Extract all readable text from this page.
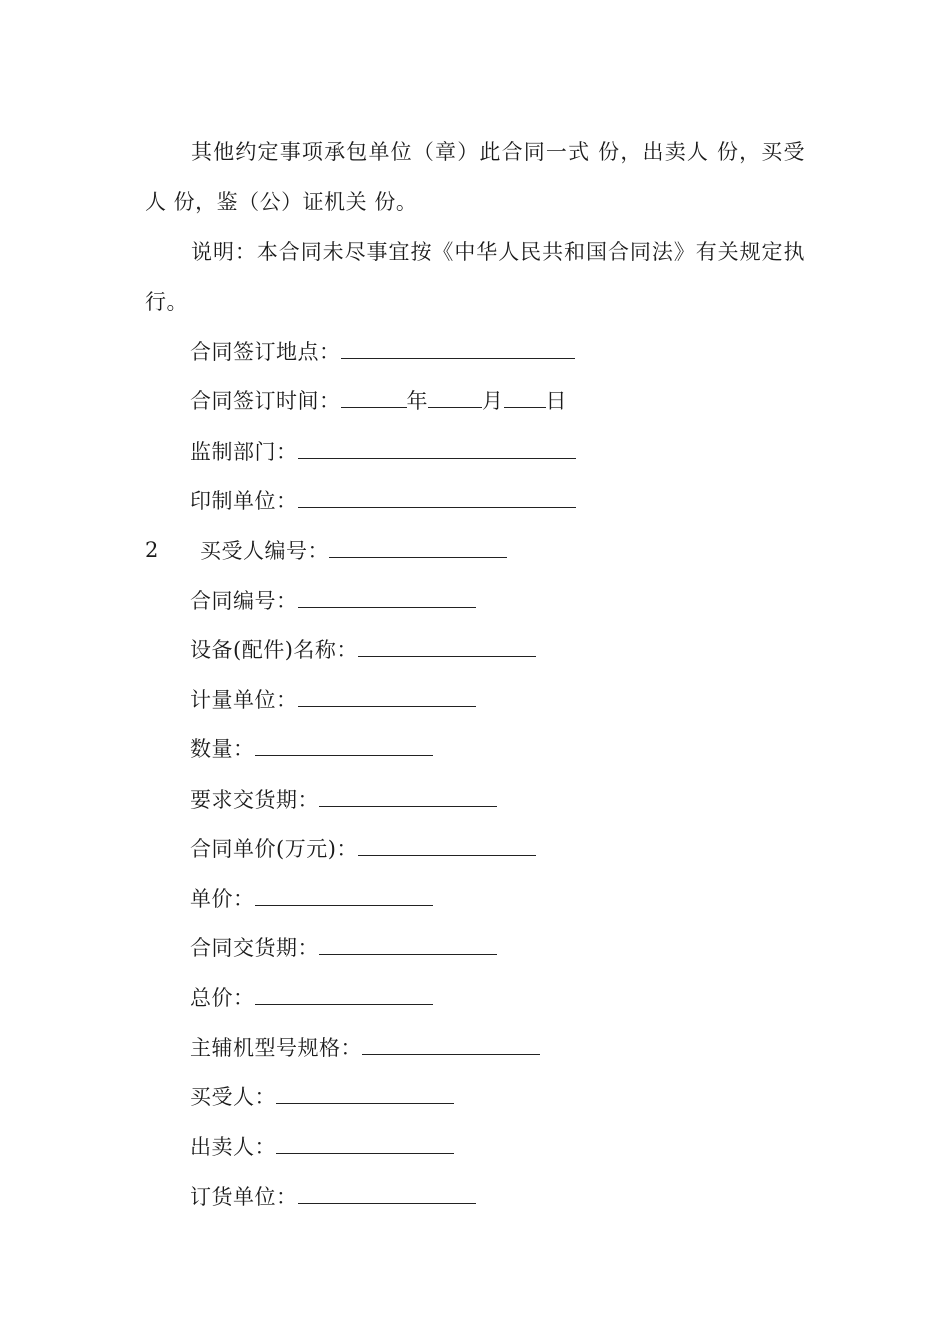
其他约定事项承包单位（章）此合同一式 份，出卖人 份，买受人 份，鉴（公）证机关 份。

说明：本合同未尽事宜按《中华人民共和国合同法》有关规定执行。

合同签订地点：
合同签订时间：	年	月 日
监制部门：
印制单位：
2 买受人编号：
合同编号：
设备(配件)名称：
计量单位：
数量：
要求交货期：
合同单价(万元)：
单价：
合同交货期：
总价：
主辅机型号规格：
买受人：
出卖人：
订货单位：
